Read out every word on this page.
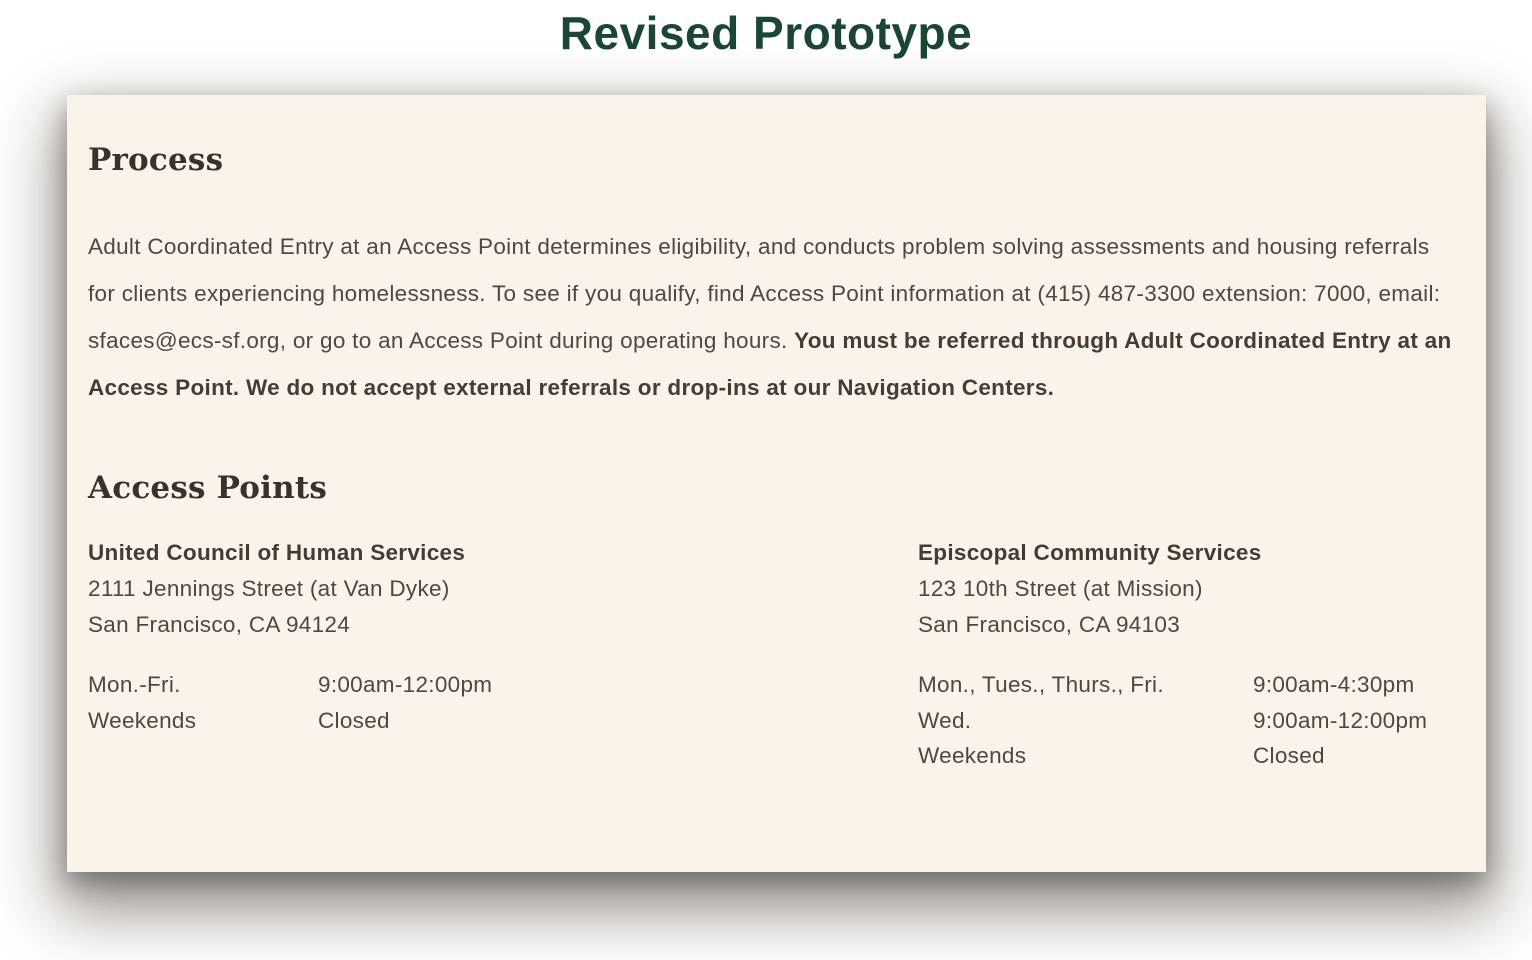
Revised Prototype
Process

Adult Coordinated Entry at an Access Point determines eligibility, and conducts problem solving assessments and housing referrals for clients experiencing homelessness. To see if you qualify, find Access Point information at (415) 487-3300 extension: 7000, email: sfaces@ecs-sf.org, or go to an Access Point during operating hours. You must be referred through Adult Coordinated Entry at an Access Point. We do not accept external referrals or drop-ins at our Navigation Centers.

Access Points
United Council of Human Services
2111 Jennings Street (at Van Dyke)
San Francisco, CA 94124
Mon.-Fri.	9:00am-12:00pm
Weekends	Closed
Episcopal Community Services
123 10th Street (at Mission)
San Francisco, CA 94103
Mon., Tues., Thurs., Fri.	9:00am-4:30pm
Wed.	9:00am-12:00pm
Weekends	Closed
